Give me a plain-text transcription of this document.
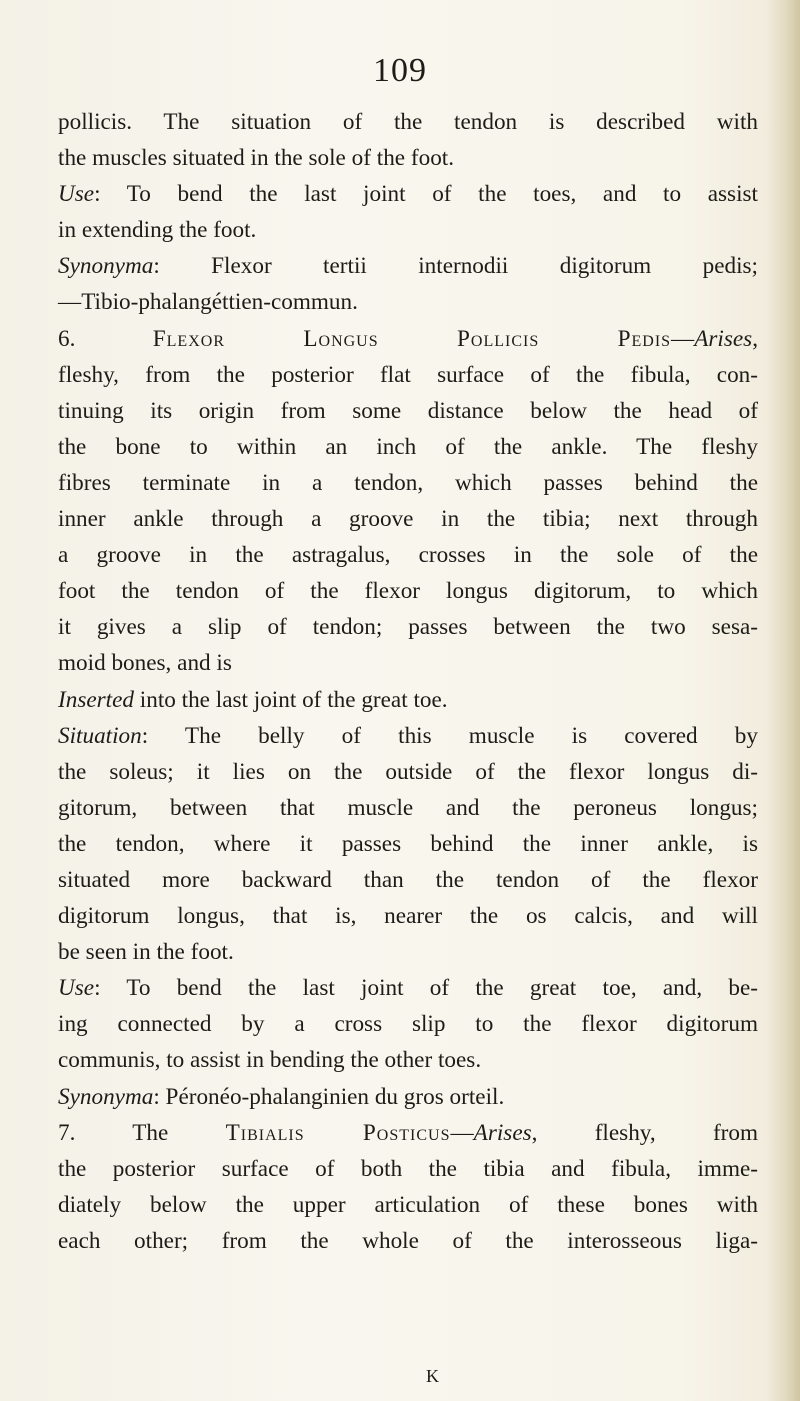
109
pollicis. The situation of the tendon is described with
the muscles situated in the sole of the foot.
Use: To bend the last joint of the toes, and to assist
in extending the foot.
Synonyma: Flexor tertii internodii digitorum pedis;
—Tibio-phalangéttien-commun.
6. Flexor Longus Pollicis Pedis—Arises,
fleshy, from the posterior flat surface of the fibula, con-
tinuing its origin from some distance below the head of
the bone to within an inch of the ankle. The fleshy
fibres terminate in a tendon, which passes behind the
inner ankle through a groove in the tibia; next through
a groove in the astragalus, crosses in the sole of the
foot the tendon of the flexor longus digitorum, to which
it gives a slip of tendon; passes between the two sesa-
moid bones, and is
Inserted into the last joint of the great toe.
Situation: The belly of this muscle is covered by
the soleus; it lies on the outside of the flexor longus di-
gitorum, between that muscle and the peroneus longus;
the tendon, where it passes behind the inner ankle, is
situated more backward than the tendon of the flexor
digitorum longus, that is, nearer the os calcis, and will
be seen in the foot.
Use: To bend the last joint of the great toe, and, be-
ing connected by a cross slip to the flexor digitorum
communis, to assist in bending the other toes.
Synonyma: Péronéo-phalanginien du gros orteil.
7. The Tibialis Posticus—Arises, fleshy, from
the posterior surface of both the tibia and fibula, imme-
diately below the upper articulation of these bones with
each other; from the whole of the interosseous liga-
K
